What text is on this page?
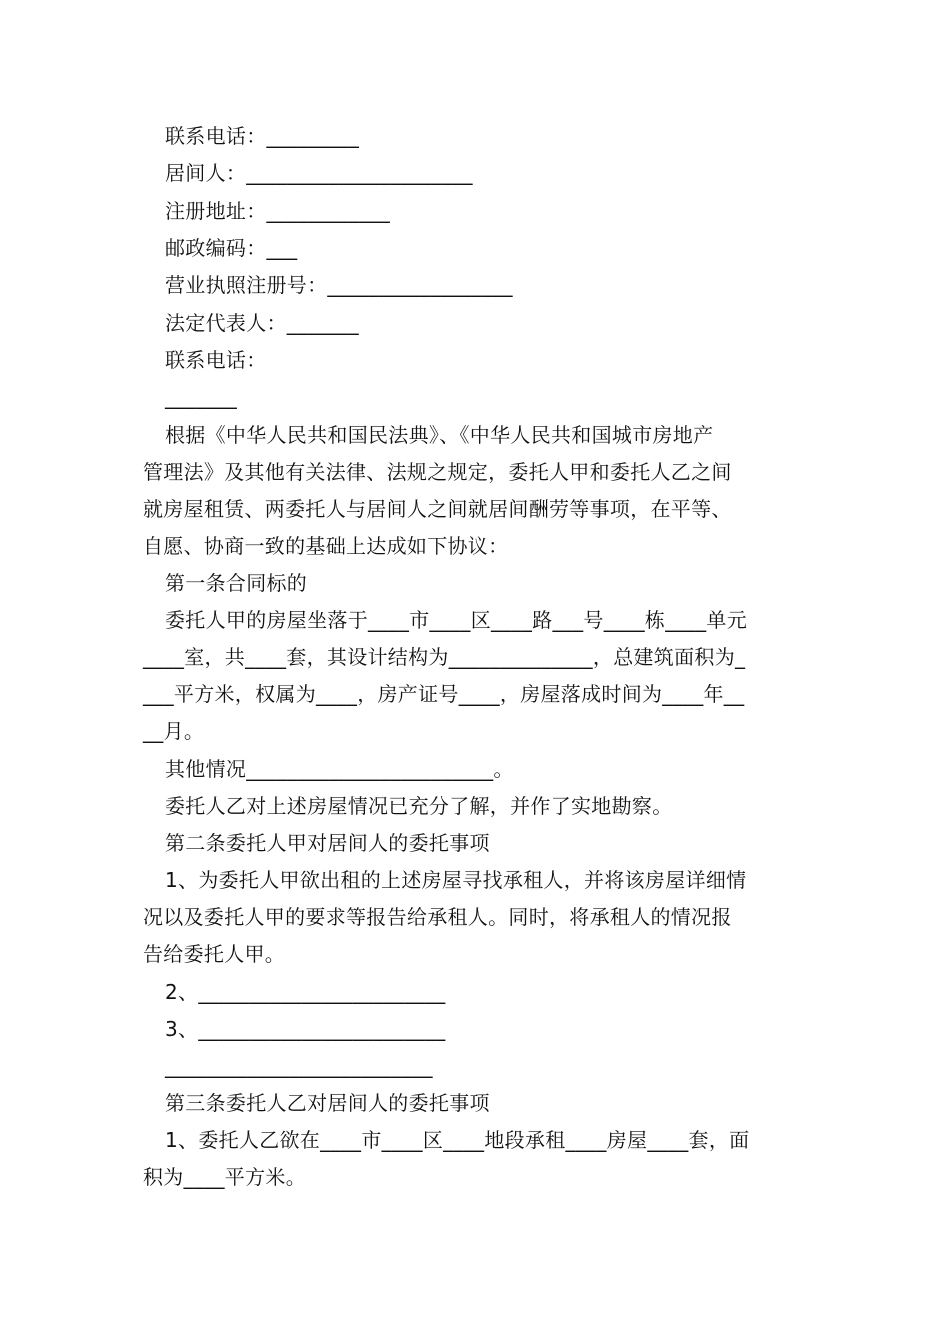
联系电话：_________
居间人：______________________
注册地址：____________
邮政编码：___
营业执照注册号：__________________
法定代表人：_______
联系电话：
_______
根据《中华人民共和国民法典》、《中华人民共和国城市房地产
管理法》及其他有关法律、法规之规定，委托人甲和委托人乙之间
就房屋租赁、两委托人与居间人之间就居间酬劳等事项，在平等、
自愿、协商一致的基础上达成如下协议：
第一条合同标的
委托人甲的房屋坐落于____市____区____路___号____栋____单元
____室，共____套，其设计结构为______________，总建筑面积为_
___平方米，权属为____，房产证号____，房屋落成时间为____年__
__月。
其他情况________________________。
委托人乙对上述房屋情况已充分了解，并作了实地勘察。
第二条委托人甲对居间人的委托事项
1、为委托人甲欲出租的上述房屋寻找承租人，并将该房屋详细情
况以及委托人甲的要求等报告给承租人。同时，将承租人的情况报
告给委托人甲。
2、________________________
3、________________________
__________________________
第三条委托人乙对居间人的委托事项
1、委托人乙欲在____市____区____地段承租____房屋____套，面
积为____平方米。
